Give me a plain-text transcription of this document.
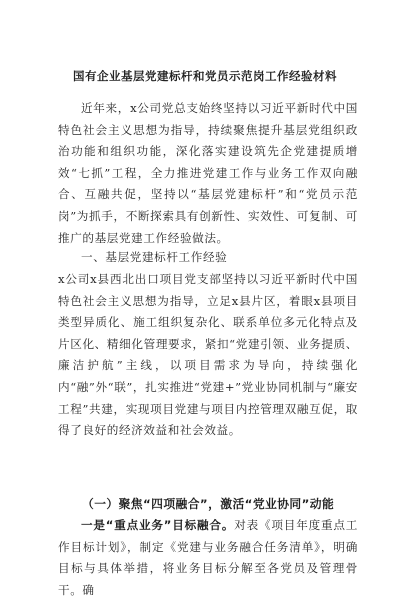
国有企业基层党建标杆和党员示范岗工作经验材料

近年来，x公司党总支始终坚持以习近平新时代中国特色社会主义思想为指导，持续聚焦提升基层党组织政治功能和组织功能，深化落实建设筑先企党建提质增效“七抓”工程，全力推进党建工作与业务工作双向融合、互融共促，坚持以“基层党建标杆”和“党员示范岗”为抓手，不断探索具有创新性、实效性、可复制、可推广的基层党建工作经验做法。

一、基层党建标杆工作经验

x公司x县西北出口项目党支部坚持以习近平新时代中国特色社会主义思想为指导，立足x县片区，着眼x县项目类型异质化、施工组织复杂化、联系单位多元化特点及片区化、精细化管理要求，紧扣“党建引领、业务提质、廉洁护航”主线，以项目需求为导向，持续强化内“融”外“联”，扎实推进“党建+”党业协同机制与“廉安工程”共建，实现项目党建与项目内控管理双融互促，取得了良好的经济效益和社会效益。

（一）聚焦“四项融合”，激活“党业协同”动能

一是“重点业务”目标融合。对表《项目年度重点工作目标计划》，制定《党建与业务融合任务清单》，明确目标与具体举措，将业务目标分解至各党员及管理骨干。确
